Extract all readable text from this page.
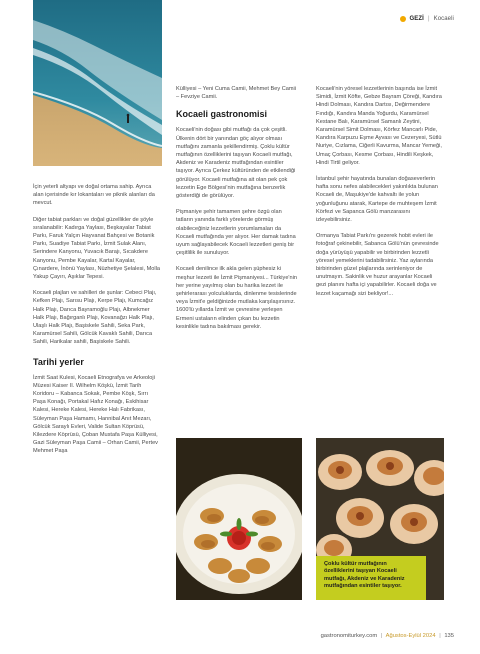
GEZİ | Kocaeli

İçin yeterli altyapı ve doğal ortama sahip. Ayrıca alan içerisinde kır lokantaları ve piknik alanları da mevcut.

Diğer tabiat parkları ve doğal güzellikler de şöyle sıralanabilir: Kadırga Yaylası, Beşkayalar Tabiat Parkı, Faruk Yalçın Hayvanat Bahçesi ve Botanik Parkı, Suadiye Tabiat Parkı, İzmit Sulak Alanı, Serindere Kanyonu, Yuvacık Barajı, Sıcakdere Kanyonu, Pembe Kayalar, Kartal Kayalar, Çınardere, İnönü Yaylası, Nüzhetiye Şelalesi, Molla Yakup Çayırı, Aşıklar Tepesi.

Kocaeli plajları ve sahilleri de şunlar: Cebeci Plajı, Kefken Plajı, Sarısu Plajı, Kerpe Plajı, Kumcağız Halk Plajı, Darıca Bayramoğlu Plajı, Albnekmer Halk Plajı, Bağırganlı Plajı, Kovanağzı Halk Plajı, Ulaşlı Halk Plajı, Başiskele Sahili, Seka Park, Karamürsel Sahili, Gölcük Kavaklı Sahili, Darıca Sahili, Harikalar sahili, Başiskele Sahili.

Tarihi yerler

İzmit Saat Kulesi, Kocaeli Etnografya ve Arkeoloji Müzesi Kaiser II. Wilhelm Köşkü, İzmit Tarih Koridoru – Kabanca Sokak, Pembe Köşk, Sırrı Paşa Konağı, Portakal Hafız Konağı, Eskihisar Kalesi, Hereke Kalesi, Hereke Halı Fabrikası, Süleyman Paşa Hamamı, Hannibal Anıt Mezarı, Gölcük Saraylı Evleri, Valide Sultan Köprüsü, Kilezdere Köprüsü, Çoban Mustafa Paşa Külliyesi, Gazi Süleyman Paşa Camii – Orhan Camii, Pertev Mehmet Paşa

Külliyesi – Yeni Cuma Camii, Mehmet Bey Camii – Fevziye Camii.

Kocaeli gastronomisi

Kocaeli'nin doğası gibi mutfağı da çok çeşitli. Ülkenin dört bir yanından göç alıyor olması mutfağını zamanla şekillendirmiş. Çoklu kültür mutfağının özelliklerini taşıyan Kocaeli mutfağı, Akdeniz ve Karadeniz mutfağından esintiler taşıyor. Ayrıca Çerkez kültüründen de etkilendiği görülüyor. Kocaeli mutfağına ait olan pek çok lezzetin Ege Bölgesi'nin mutfağına benzerlik gösterdiği de görülüyor.

Pişmaniye şehir tamamen şehre özgü olan tatların yanında farklı yörelerde görmüş olabileceğiniz lezzetlerin yorumlamaları da Kocaeli mutfağında yer alıyor. Her damak tadına uyum sağlayabilecek Kocaeli lezzetleri geniş bir çeşitlilik ile sunuluyor.

Kocaeli denilince ilk akla gelen şüphesiz ki meşhur lezzeti ile İzmit Pişmaniyesi... Türkiye'nin her yerine yayılmış olan bu harika lezzet ile şehirlerarası yolculuklarda, dinlenme tesislerinde veya İzmit'e geldiğinizde mutlaka karşılaşırsınız. 1600'lü yıllarda İzmit ve çevresine yerleşen Ermeni ustaların elinden çıkan bu lezzetin kesinlikle tadına bakılması gerekir.

Kocaeli'nin yöresel lezzetlerinin başında ise İzmit Simidi, İzmit Köfte, Gebze Bayram Çöreği, Kandıra Hindi Dolması, Kandıra Dartısı, Değirmendere Fındığı, Kandıra Manda Yoğurdu, Karamürsel Kestane Balı, Karamürsel Samanlı Zeytini, Karamürsel Simit Dolması, Körfez Mancarlı Pide, Kandıra Karpuzu Eşme Ayvası ve Cezeryesi, Sütlü Nuriye, Cızlama, Ciğerli Kavurma, Mancar Yemeği, Umaç Çorbası, Kesme Çorbası, Hindili Keşkek, Hindi Tirtil geliyor.

İstanbul şehir hayatında bunalan doğaseverlerin hafta sonu nefes alabilecekleri yakınlıkta bulunan Kocaeli de, Maşukiye'de kahvaltı ile yolun yoğunluğunu atarak, Kartepe de muhteşem İzmit Körfezi ve Sapanca Gölü manzarasını izleyebilirsiniz.

Ormanya Tabiat Parkı'nı gezerek hobit evleri ile fotoğraf çekinebilir, Sabanca Gölü'nün çevresinde doğa yürüyüşü yapabilir ve birbirinden lezzetli yöresel yemeklerini tadabilirsiniz. Yaz aylarında birbirinden güzel plajlarında serinleniyor de unutmayın. Sakinlik ve huzur arayanlar Kocaeli gezi planını hafta içi yapabilirler. Kocaeli doğa ve lezzet kaçamağı sizi bekliyor!...

Çoklu kültür mutfağının özelliklerini taşıyan Kocaeli mutfağı, Akdeniz ve Karadeniz mutfağından esintiler taşıyor.
gastronomiturkey.com | Ağustos-Eylül 2024 | 135
